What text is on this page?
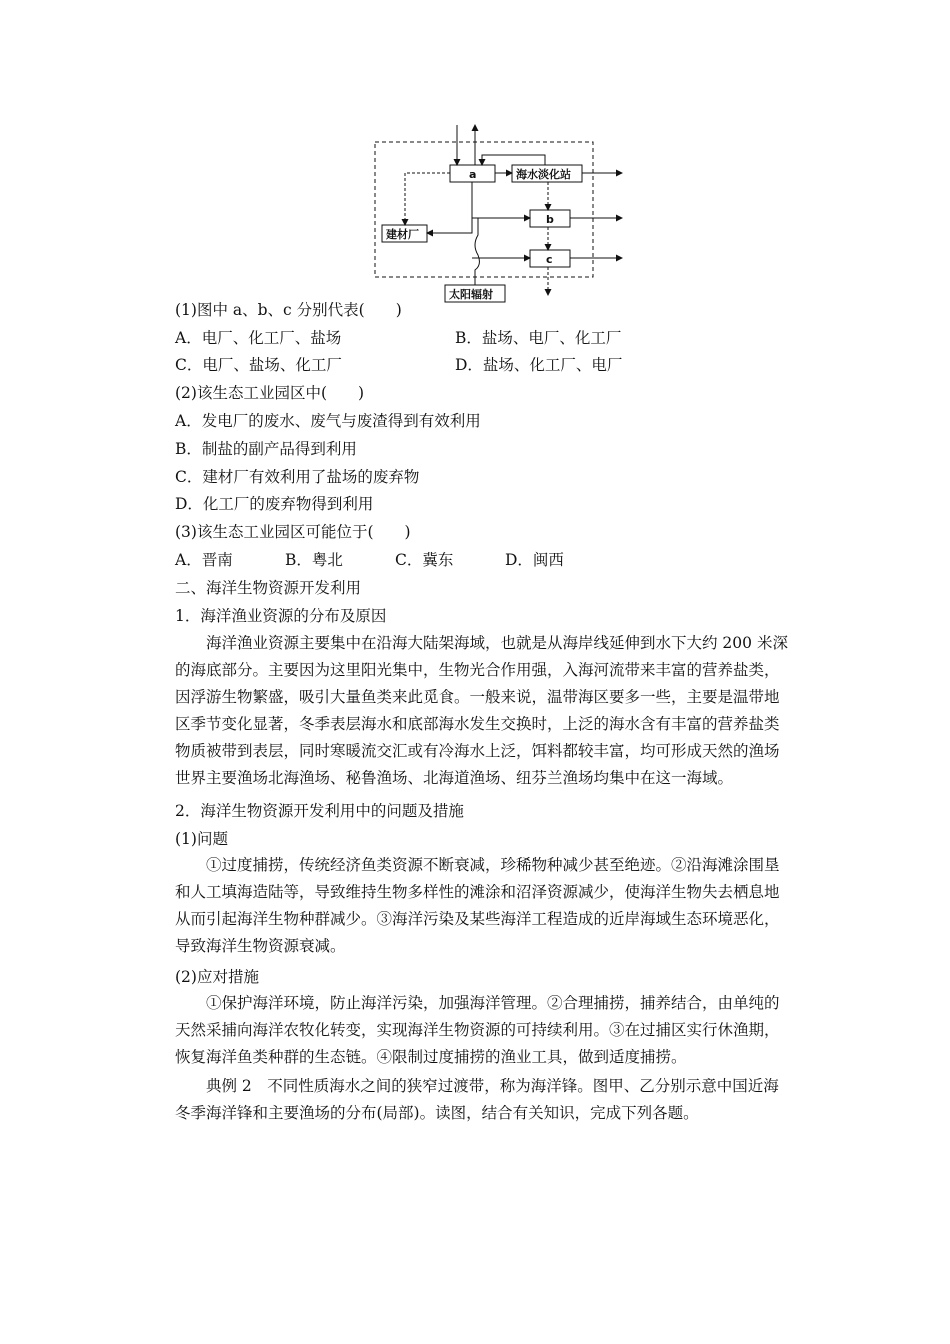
a	海水淡化站
b
c
建材厂
太阳辐射
(1)图中 a、b、c 分别代表(　　)
A．电厂、化工厂、盐场	B．盐场、电厂、化工厂
C．电厂、盐场、化工厂	D．盐场、化工厂、电厂
(2)该生态工业园区中(　　)
A．发电厂的废水、废气与废渣得到有效利用
B．制盐的副产品得到利用
C．建材厂有效利用了盐场的废弃物
D．化工厂的废弃物得到利用
(3)该生态工业园区可能位于(　　)
A．晋南	B．粤北	C．冀东	D．闽西
二、海洋生物资源开发利用
1．海洋渔业资源的分布及原因

　　海洋渔业资源主要集中在沿海大陆架海域，也就是从海岸线延伸到水下大约 200 米深

的海底部分。主要因为这里阳光集中，生物光合作用强，入海河流带来丰富的营养盐类，

因浮游生物繁盛，吸引大量鱼类来此觅食。一般来说，温带海区要多一些，主要是温带地

区季节变化显著，冬季表层海水和底部海水发生交换时，上泛的海水含有丰富的营养盐类

物质被带到表层，同时寒暖流交汇或有冷海水上泛，饵料都较丰富，均可形成天然的渔场

世界主要渔场北海渔场、秘鲁渔场、北海道渔场、纽芬兰渔场均集中在这一海域。

2．海洋生物资源开发利用中的问题及措施
(1)问题

　　①过度捕捞，传统经济鱼类资源不断衰减，珍稀物种减少甚至绝迹。②沿海滩涂围垦

和人工填海造陆等，导致维持生物多样性的滩涂和沼泽资源减少，使海洋生物失去栖息地

从而引起海洋生物种群减少。③海洋污染及某些海洋工程造成的近岸海域生态环境恶化，

导致海洋生物资源衰减。

(2)应对措施

　　①保护海洋环境，防止海洋污染，加强海洋管理。②合理捕捞，捕养结合，由单纯的

天然采捕向海洋农牧化转变，实现海洋生物资源的可持续利用。③在过捕区实行休渔期，

恢复海洋鱼类种群的生态链。④限制过度捕捞的渔业工具，做到适度捕捞。

　　典例 2　不同性质海水之间的狭窄过渡带，称为海洋锋。图甲、乙分别示意中国近海

冬季海洋锋和主要渔场的分布(局部)。读图，结合有关知识，完成下列各题。
